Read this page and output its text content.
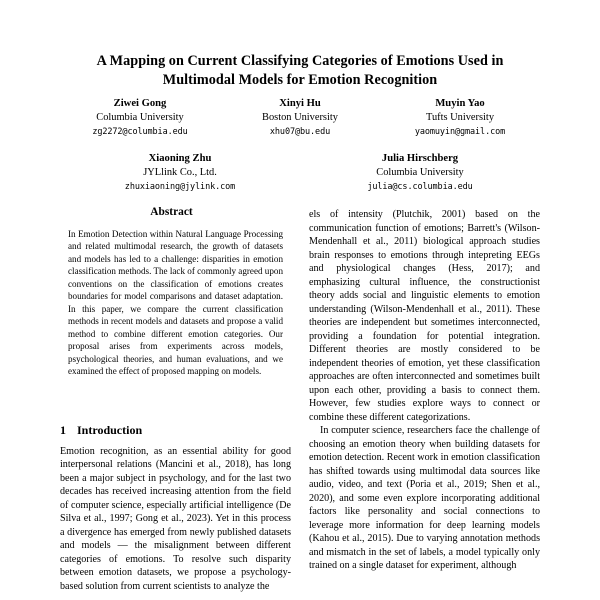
A Mapping on Current Classifying Categories of Emotions Used in Multimodal Models for Emotion Recognition
Ziwei Gong
Columbia University
zg2272@columbia.edu
Xinyi Hu
Boston University
xhu07@bu.edu
Muyin Yao
Tufts University
yaomuyin@gmail.com
Xiaoning Zhu
JYLlink Co., Ltd.
zhuxiaoning@jylink.com
Julia Hirschberg
Columbia University
julia@cs.columbia.edu
Abstract
In Emotion Detection within Natural Language Processing and related multimodal research, the growth of datasets and models has led to a challenge: disparities in emotion classification methods. The lack of commonly agreed upon conventions on the classification of emotions creates boundaries for model comparisons and dataset adaptation. In this paper, we compare the current classification methods in recent models and datasets and propose a valid method to combine different emotion categories. Our proposal arises from experiments across models, psychological theories, and human evaluations, and we examined the effect of proposed mapping on models.
1 Introduction

Emotion recognition, as an essential ability for good interpersonal relations (Mancini et al., 2018), has long been a major subject in psychology, and for the last two decades has received increasing attention from the field of computer science, especially artificial intelligence (De Silva et al., 1997; Gong et al., 2023). Yet in this process a divergence has emerged from newly published datasets and models — the misalignment between different categories of emotions. To resolve such disparity between emotion datasets, we propose a psychology-based solution from current scientists to analyze the

els of intensity (Plutchik, 2001) based on the communication function of emotions; Barrett's (Wilson-Mendenhall et al., 2011) biological approach studies brain responses to emotions through intepreting EEGs and physiological changes (Hess, 2017); and emphasizing cultural influence, the constructionist theory adds social and linguistic elements to emotion understanding (Wilson-Mendenhall et al., 2011). These theories are independent but sometimes interconnected, providing a foundation for potential integration. Different theories are mostly considered to be independent theories of emotion, yet these classification approaches are often interconnected and sometimes built upon each other, providing a basis to connect them. However, few studies explore ways to connect or combine these different categorizations.

In computer science, researchers face the challenge of choosing an emotion theory when building datasets for emotion detection. Recent work in emotion classification has shifted towards using multimodal data sources like audio, video, and text (Poria et al., 2019; Shen et al., 2020), and some even explore incorporating additional factors like personality and social connections to leverage more information for deep learning models (Kahou et al., 2015). Due to varying annotation methods and mismatch in the set of labels, a model typically only trained on a single dataset for experiment, although
